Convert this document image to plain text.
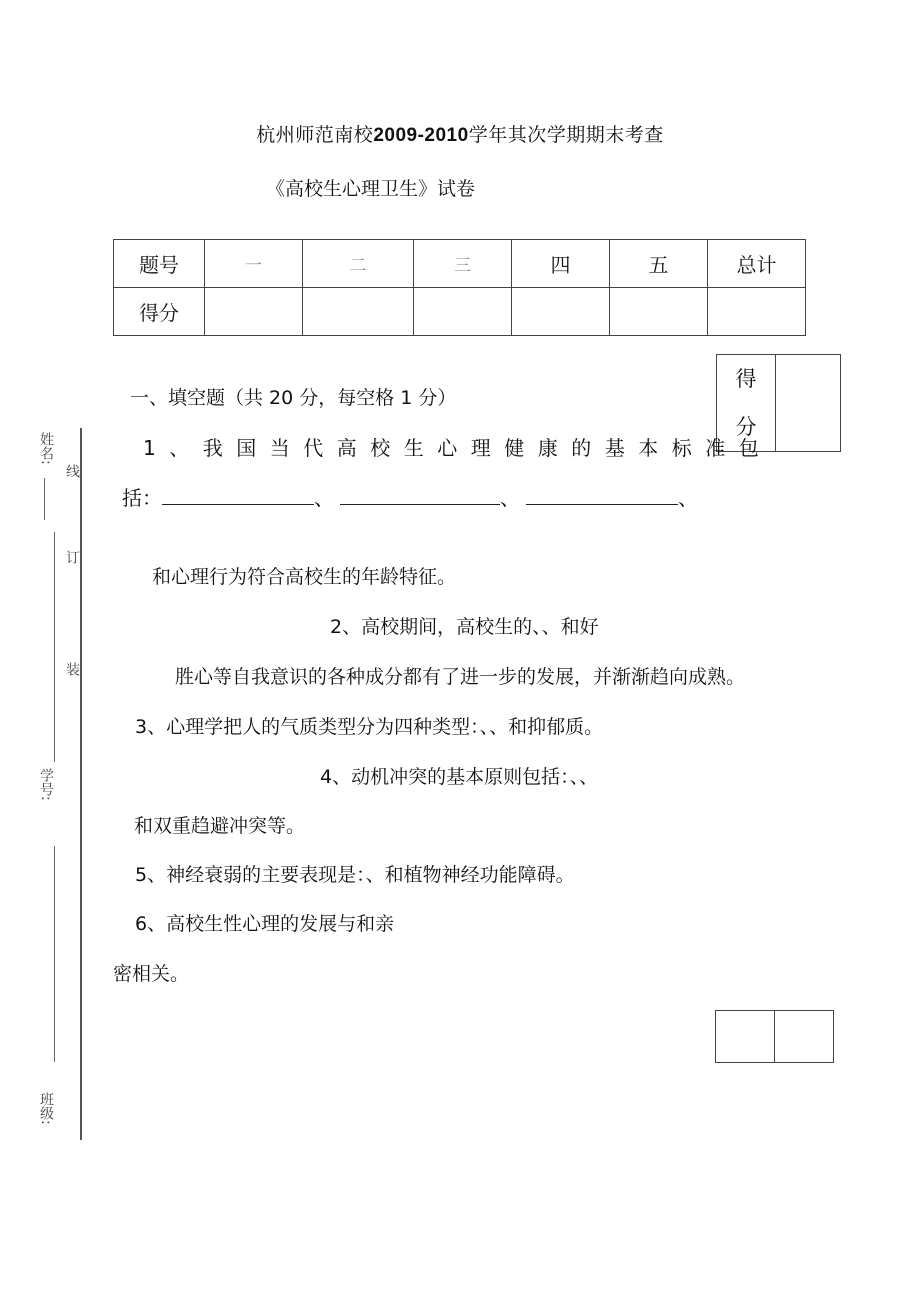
杭州师范南校2009-2010学年其次学期期末考查
《高校生心理卫生》试卷
题号	一	二	三	四	五	总计
得分						
得
分	
一、填空题（共 20 分，每空格 1 分）
1、我国当代高校生心理健康的基本标准包
括：	、	、	、
和心理行为符合高校生的年龄特征。
2、高校期间，高校生的、、和好
胜心等自我意识的各种成分都有了进一步的发展，并渐渐趋向成熟。
3、心理学把人的气质类型分为四种类型：、、和抑郁质。
4、动机冲突的基本原则包括：、、
和双重趋避冲突等。
5、神经衰弱的主要表现是：、和植物神经功能障碍。
6、高校生性心理的发展与和亲
密相关。

姓名:
线
订
装
学号:
班级:
